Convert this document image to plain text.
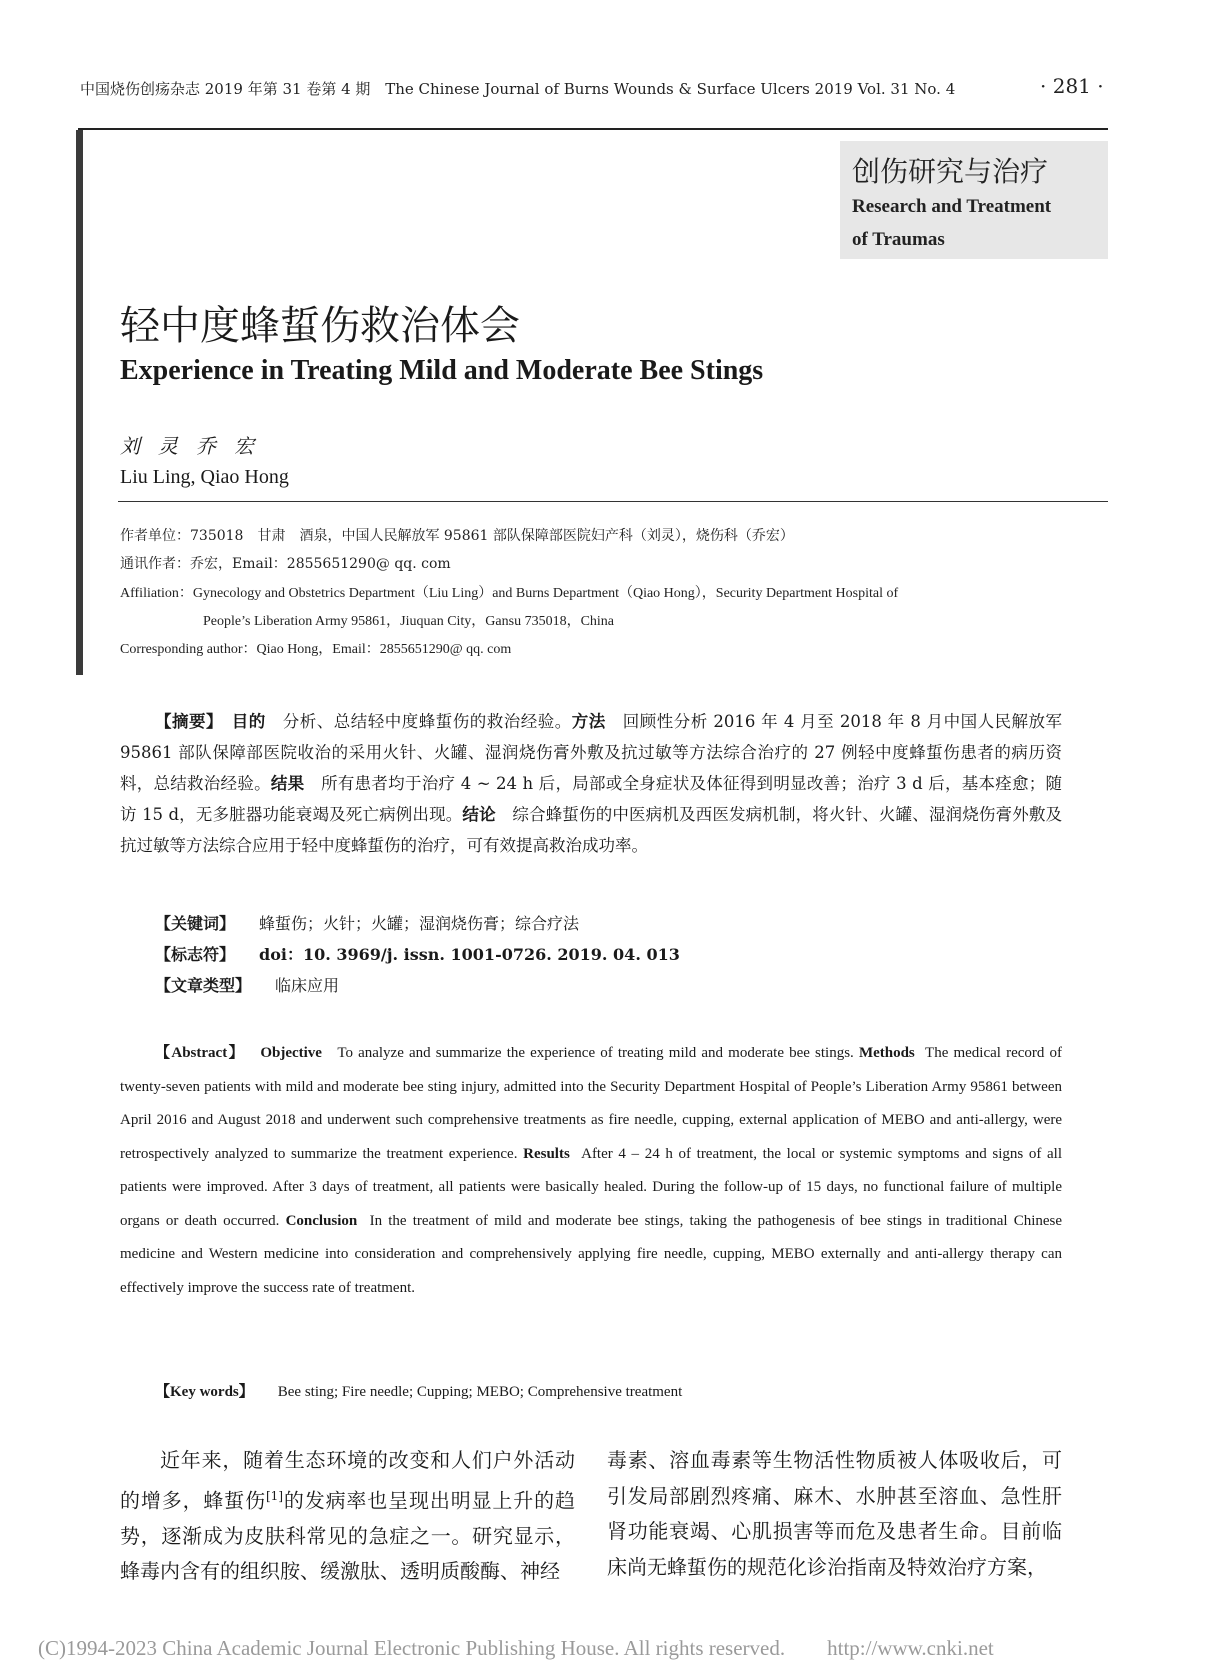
中国烧伤创疡杂志 2019 年第 31 卷第 4 期 The Chinese Journal of Burns Wounds & Surface Ulcers 2019 Vol. 31 No. 4	· 281 ·
创伤研究与治疗
Research and Treatment
of Traumas
轻中度蜂蜇伤救治体会
Experience in Treating Mild and Moderate Bee Stings
刘灵乔宏
Liu Ling, Qiao Hong
作者单位：735018　甘肃　酒泉，中国人民解放军 95861 部队保障部医院妇产科（刘灵），烧伤科（乔宏）
通讯作者：乔宏，Email：2855651290@ qq. com
Affiliation：Gynecology and Obstetrics Department（Liu Ling）and Burns Department（Qiao Hong），Security Department Hospital of
People’s Liberation Army 95861，Jiuquan City，Gansu 735018，China
Corresponding author：Qiao Hong，Email：2855651290@ qq. com
【摘要】　 目的　 分析、总结轻中度蜂蜇伤的救治经验。方法　 回顾性分析 2016 年 4 月至 2018 年 8 月中国人民解放军 95861 部队保障部医院收治的采用火针、火罐、湿润烧伤膏外敷及抗过敏等方法综合治疗的 27 例轻中度蜂蜇伤患者的病历资料，总结救治经验。结果　 所有患者均于治疗 4 ~ 24 h 后，局部或全身症状及体征得到明显改善；治疗 3 d 后，基本痊愈；随访 15 d，无多脏器功能衰竭及死亡病例出现。结论　 综合蜂蜇伤的中医病机及西医发病机制，将火针、火罐、湿润烧伤膏外敷及抗过敏等方法综合应用于轻中度蜂蜇伤的治疗，可有效提高救治成功率。
【关键词】 蜂蜇伤；火针；火罐；湿润烧伤膏；综合疗法
【标志符】 doi：10. 3969/j. issn. 1001-0726. 2019. 04. 013
【文章类型】 临床应用
【Abstract】 Objective To analyze and summarize the experience of treating mild and moderate bee stings. Methods The medical record of twenty-seven patients with mild and moderate bee sting injury, admitted into the Security Department Hospital of People’s Liberation Army 95861 between April 2016 and August 2018 and underwent such comprehensive treatments as fire needle, cupping, external application of MEBO and anti-allergy, were retrospectively analyzed to summarize the treatment experience. Results After 4 – 24 h of treatment, the local or systemic symptoms and signs of all patients were improved. After 3 days of treatment, all patients were basically healed. During the follow-up of 15 days, no functional failure of multiple organs or death occurred. Conclusion In the treatment of mild and moderate bee stings, taking the pathogenesis of bee stings in traditional Chinese medicine and Western medicine into consideration and comprehensively applying fire needle, cupping, MEBO externally and anti-allergy therapy can effectively improve the success rate of treatment.
【Key words】 Bee sting; Fire needle; Cupping; MEBO; Comprehensive treatment
近年来，随着生态环境的改变和人们户外活动的增多，蜂蜇伤[1]的发病率也呈现出明显上升的趋势，逐渐成为皮肤科常见的急症之一。研究显示，蜂毒内含有的组织胺、缓激肽、透明质酸酶、神经
毒素、溶血毒素等生物活性物质被人体吸收后，可引发局部剧烈疼痛、麻木、水肿甚至溶血、急性肝肾功能衰竭、心肌损害等而危及患者生命。目前临床尚无蜂蜇伤的规范化诊治指南及特效治疗方案，
(C)1994-2023 China Academic Journal Electronic Publishing House. All rights reserved.　　http://www.cnki.net
